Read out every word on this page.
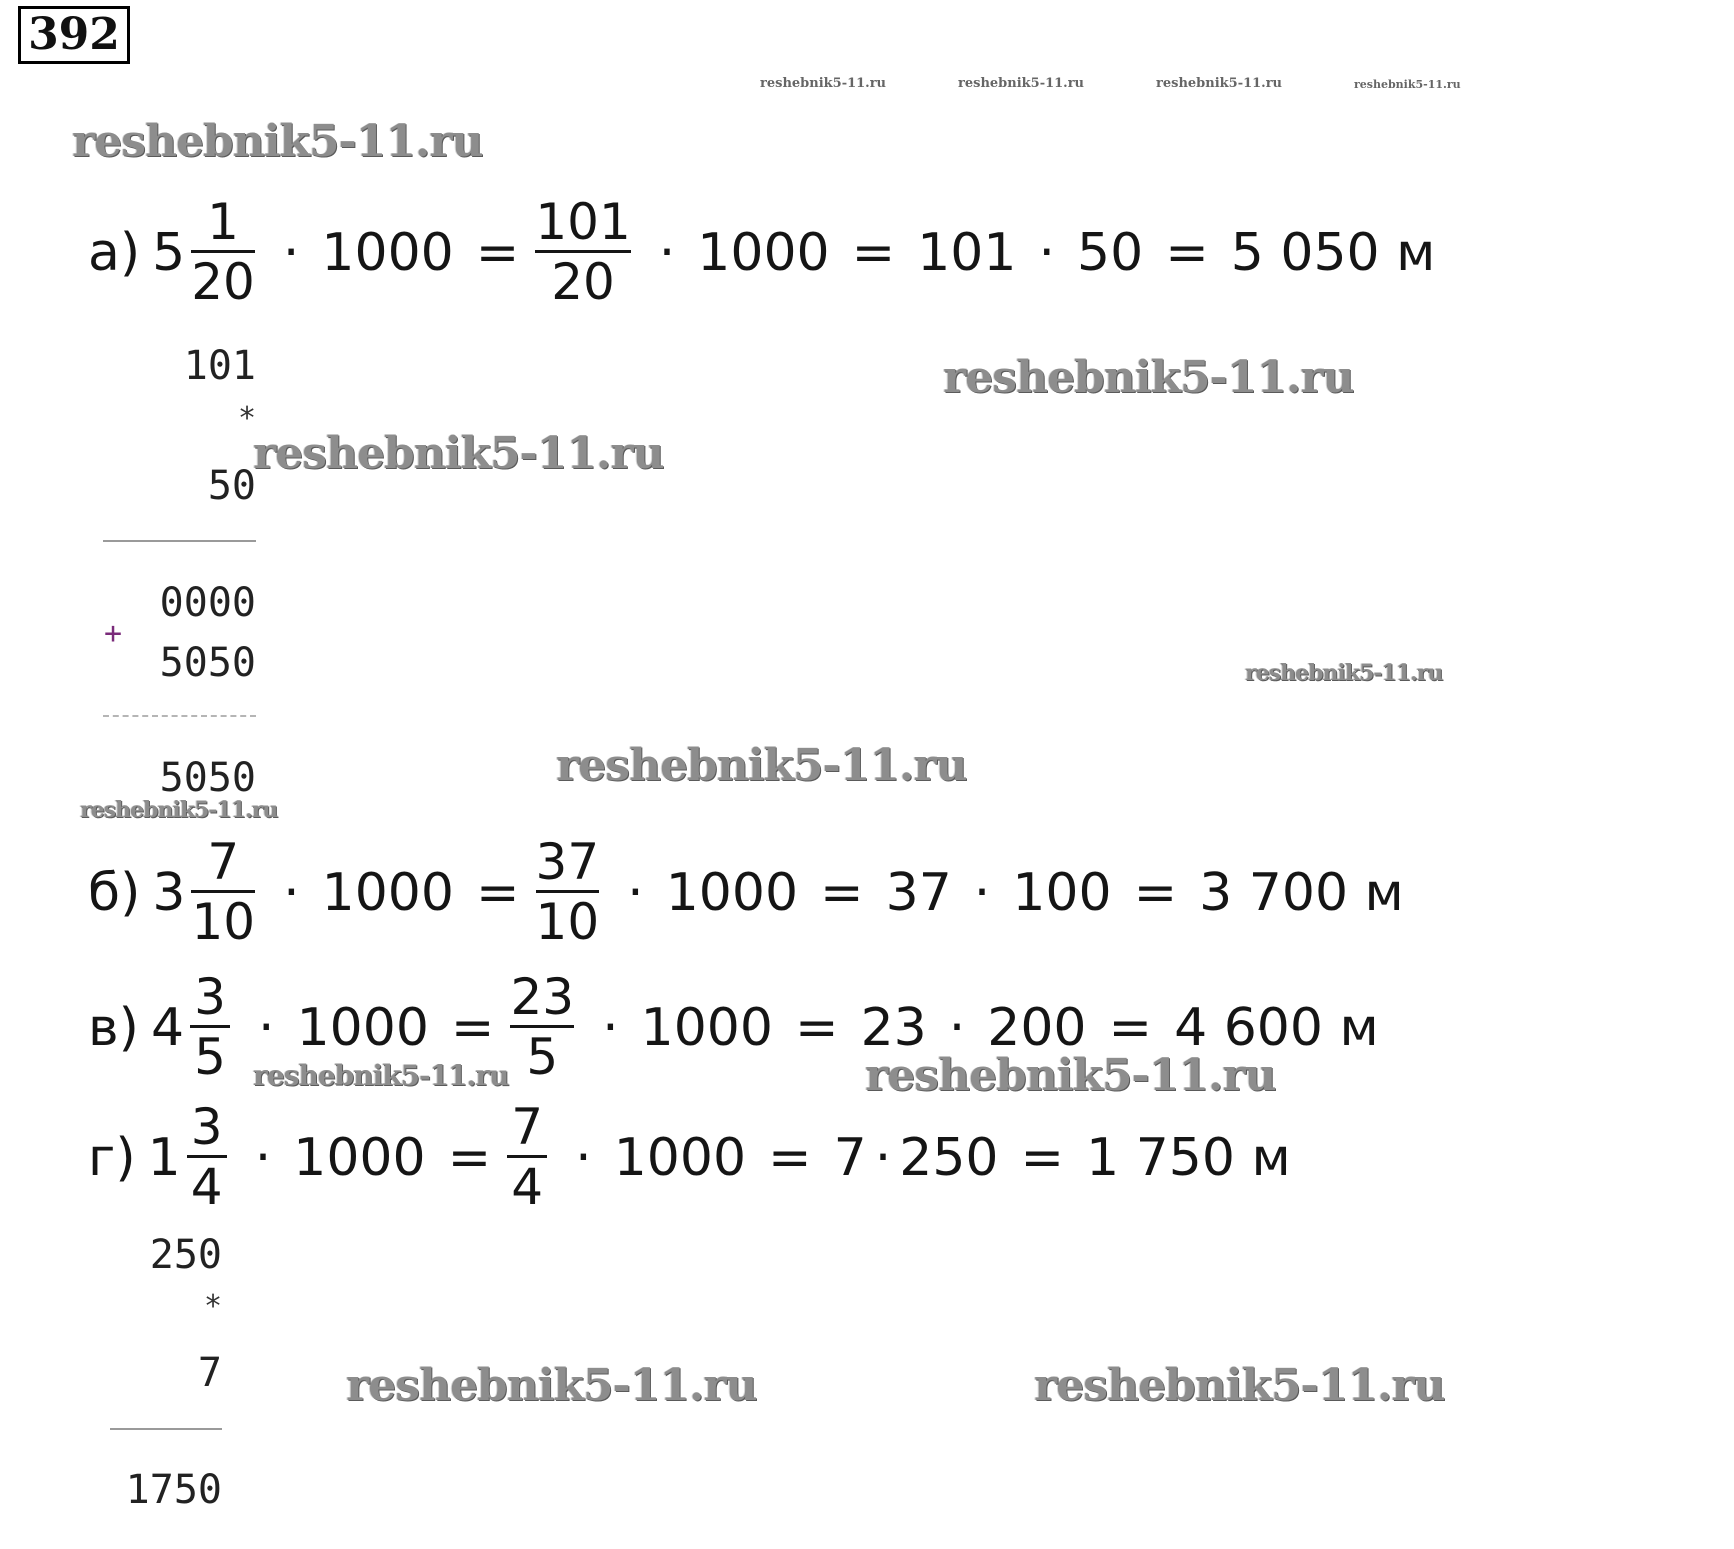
392
reshebnik5-11.ru	reshebnik5-11.ru	reshebnik5-11.ru	reshebnik5-11.ru
reshebnik5-11.ru
reshebnik5-11.ru
reshebnik5-11.ru
reshebnik5-11.ru
reshebnik5-11.ru
reshebnik5-11.ru
reshebnik5-11.ru	reshebnik5-11.ru
reshebnik5-11.ru	reshebnik5-11.ru
а) $5 \frac{1}{20} \cdot 1000 = \frac{101}{20} \cdot 1000 = 101 \cdot 50 = 5$ 050 м
101
*
50
0000
+
5050
5050
б) $3 \frac{7}{10} \cdot 1000 = \frac{37}{10} \cdot 1000 = 37 \cdot 100 = 3$ 700 м
в) $4 \frac{3}{5} \cdot 1000 = \frac{23}{5} \cdot 1000 = 23 \cdot 200 = 4$ 600 м
г) $1 \frac{3}{4} \cdot 1000 = \frac{7}{4} \cdot 1000 = 7 \cdot 250 = 1$ 750 м
250
*
7
1750
